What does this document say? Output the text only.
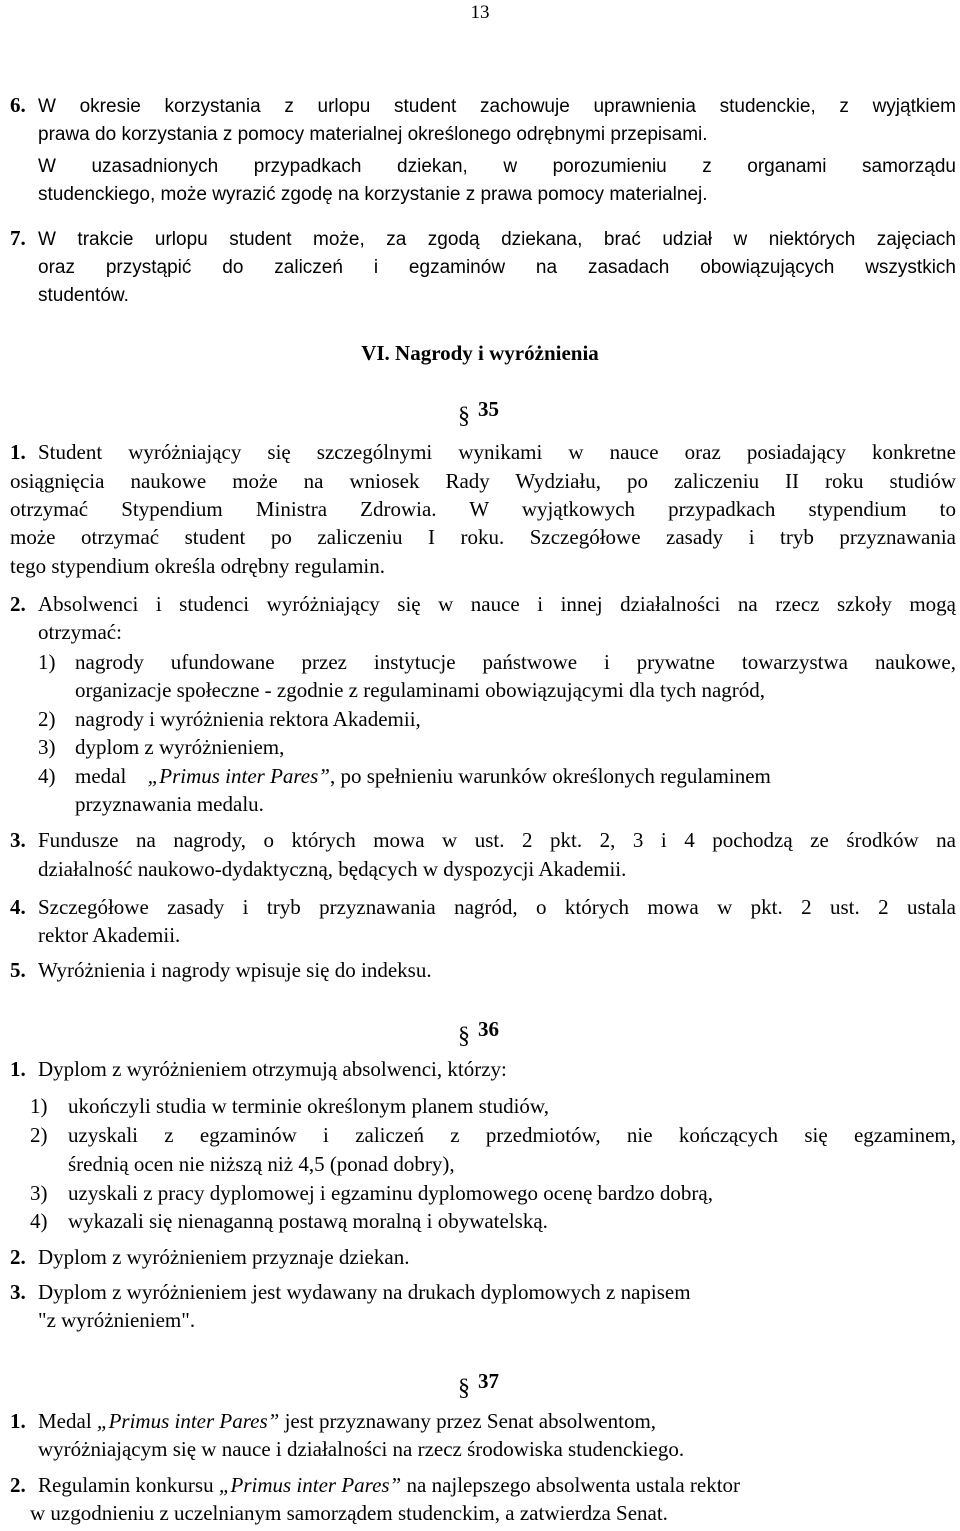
13
6. W okresie korzystania z urlopu student zachowuje uprawnienia studenckie, z wyjątkiem
prawa do korzystania z pomocy materialnej określonego odrębnymi przepisami.
W uzasadnionych przypadkach dziekan, w porozumieniu z organami samorządu
studenckiego, może wyrazić zgodę na korzystanie z prawa pomocy materialnej.
7. W trakcie urlopu student może, za zgodą dziekana, brać udział w niektórych zajęciach
oraz przystąpić do zaliczeń i egzaminów na zasadach obowiązujących wszystkich
studentów.
VI. Nagrody i wyróżnienia
§ 35
1. Student wyróżniający się szczególnymi wynikami w nauce oraz posiadający konkretne
osiągnięcia naukowe może na wniosek Rady Wydziału, po zaliczeniu II roku studiów
otrzymać Stypendium Ministra Zdrowia. W wyjątkowych przypadkach stypendium to
może otrzymać student po zaliczeniu I roku. Szczegółowe zasady i tryb przyznawania
tego stypendium określa odrębny regulamin.
2. Absolwenci i studenci wyróżniający się w nauce i innej działalności na rzecz szkoły mogą
otrzymać:
1) nagrody ufundowane przez instytucje państwowe i prywatne towarzystwa naukowe,
organizacje społeczne - zgodnie z regulaminami obowiązującymi dla tych nagród,
2) nagrody i wyróżnienia rektora Akademii,
3) dyplom z wyróżnieniem,
4) medal „Primus inter Pares”, po spełnieniu warunków określonych regulaminem
przyznawania medalu.
3. Fundusze na nagrody, o których mowa w ust. 2 pkt. 2, 3 i 4 pochodzą ze środków na
działalność naukowo-dydaktyczną, będących w dyspozycji Akademii.
4. Szczegółowe zasady i tryb przyznawania nagród, o których mowa w pkt. 2 ust. 2 ustala
rektor Akademii.
5. Wyróżnienia i nagrody wpisuje się do indeksu.
§ 36
1. Dyplom z wyróżnieniem otrzymują absolwenci, którzy:
1) ukończyli studia w terminie określonym planem studiów,
2) uzyskali z egzaminów i zaliczeń z przedmiotów, nie kończących się egzaminem,
średnią ocen nie niższą niż 4,5 (ponad dobry),
3) uzyskali z pracy dyplomowej i egzaminu dyplomowego ocenę bardzo dobrą,
4) wykazali się nienaganną postawą moralną i obywatelską.
2. Dyplom z wyróżnieniem przyznaje dziekan.
3. Dyplom z wyróżnieniem jest wydawany na drukach dyplomowych z napisem
"z wyróżnieniem".
§ 37
1. Medal „Primus inter Pares” jest przyznawany przez Senat absolwentom,
wyróżniającym się w nauce i działalności na rzecz środowiska studenckiego.
2. Regulamin konkursu „Primus inter Pares” na najlepszego absolwenta ustala rektor
w uzgodnieniu z uczelnianym samorządem studenckim, a zatwierdza Senat.
